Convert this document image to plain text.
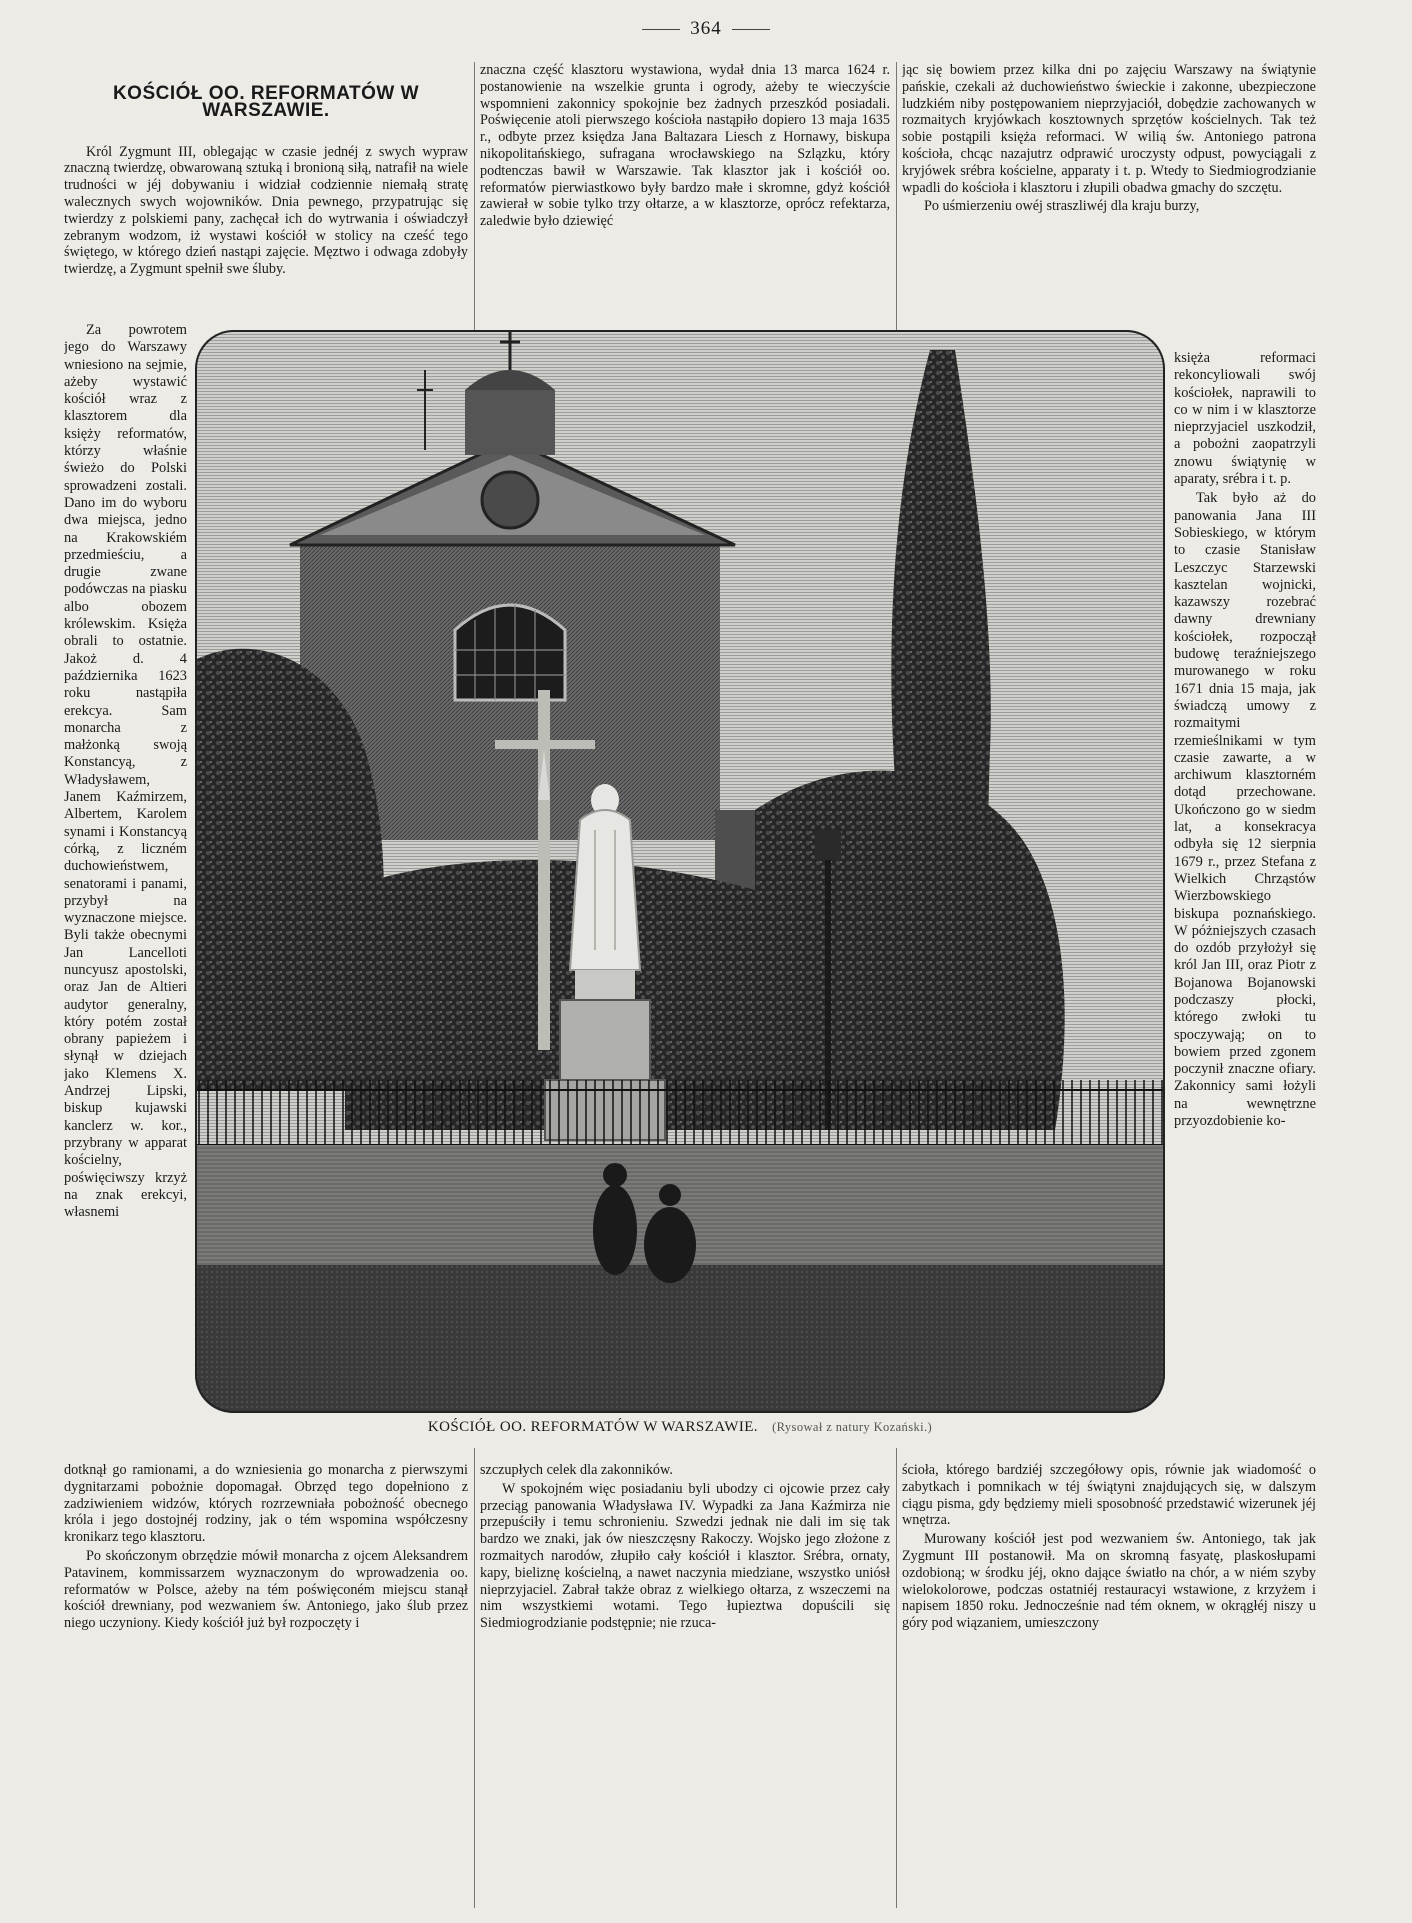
364
KOŚCIÓŁ OO. REFORMATÓW W WARSZAWIE.

Król Zygmunt III, oblegając w czasie jednéj z swych wypraw znaczną twierdzę, obwarowaną sztuką i bronioną siłą, natrafił na wiele trudności w jéj dobywaniu i widział codziennie niemałą stratę walecznych swych wojowników. Dnia pewnego, przypatrując się twierdzy z polskiemi pany, zachęcał ich do wytrwania i oświadczył zebranym wodzom, iż wystawi kościół w stolicy na cześć tego świętego, w którego dzień nastąpi zajęcie. Męztwo i odwaga zdobyły twierdzę, a Zygmunt spełnił swe śluby.

Za powrotem jego do Warszawy wniesiono na sejmie, ażeby wystawić kościół wraz z klasztorem dla księży reformatów, którzy właśnie świeżo do Polski sprowadzeni zostali. Dano im do wyboru dwa miejsca, jedno na Krakowskiém przedmieściu, a drugie zwane podówczas na piasku albo obozem królewskim. Księża obrali to ostatnie. Jakoż d. 4 października 1623 roku nastąpiła erekcya. Sam monarcha z małżonką swoją Konstancyą, z Władysławem, Janem Kaźmirzem, Albertem, Karolem synami i Konstancyą córką, z liczném duchowieństwem, senatorami i panami, przybył na wyznaczone miejsce. Byli także obecnymi Jan Lancelloti nuncyusz apostolski, oraz Jan de Altieri audytor generalny, który potém został obrany papieżem i słynął w dziejach jako Klemens X. Andrzej Lipski, biskup kujawski kanclerz w. kor., przybrany w apparat kościelny, poświęciwszy krzyż na znak erekcyi, własnemi

dotknął go ramionami, a do wzniesienia go monarcha z pierwszymi dygnitarzami pobożnie dopomagał. Obrzęd tego dopełniono z zadziwieniem widzów, których rozrzewniała pobożność obecnego króla i jego dostojnéj rodziny, jak o tém wspomina współczesny kronikarz tego klasztoru.

Po skończonym obrzędzie mówił monarcha z ojcem Aleksandrem Patavinem, kommissarzem wyznaczonym do wprowadzenia oo. reformatów w Polsce, ażeby na tém poświęconém miejscu stanął kościół drewniany, pod wezwaniem św. Antoniego, jako ślub przez niego uczyniony. Kiedy kościół już był rozpoczęty i

znaczna część klasztoru wystawiona, wydał dnia 13 marca 1624 r. postanowienie na wszelkie grunta i ogrody, ażeby te wieczyście wspomnieni zakonnicy spokojnie bez żadnych przeszkód posiadali. Poświęcenie atoli pierwszego kościoła nastąpiło dopiero 13 maja 1635 r., odbyte przez księdza Jana Baltazara Liesch z Hornawy, biskupa nikopolitańskiego, sufragana wrocławskiego na Szlązku, który podtenczas bawił w Warszawie. Tak klasztor jak i kościół oo. reformatów pierwiastkowo były bardzo małe i skromne, gdyż kościół zawierał w sobie tylko trzy ołtarze, a w klasztorze, oprócz refektarza, zaledwie było dziewięć

szczupłych celek dla zakonników.

W spokojném więc posiadaniu byli ubodzy ci ojcowie przez cały przeciąg panowania Władysława IV. Wypadki za Jana Kaźmirza nie przepuściły i temu schronieniu. Szwedzi jednak nie dali im się tak bardzo we znaki, jak ów nieszczęsny Rakoczy. Wojsko jego złożone z rozmaitych narodów, złupiło cały kościół i klasztor. Srébra, ornaty, kapy, bieliznę kościelną, a nawet naczynia miedziane, wszystko uniósł nieprzyjaciel. Zabrał także obraz z wielkiego ołtarza, z wszeczemi na nim wszystkiemi wotami. Tego łupieztwa dopuścili się Siedmiogrodzianie podstępnie; nie rzuca-

jąc się bowiem przez kilka dni po zajęciu Warszawy na świątynie pańskie, czekali aż duchowieństwo świeckie i zakonne, ubezpieczone ludzkiém niby postępowaniem nieprzyjaciół, dobędzie zachowanych w rozmaitych kryjówkach kosztownych sprzętów kościelnych. Tak też sobie postąpili księża reformaci. W wilią św. Antoniego patrona kościoła, chcąc nazajutrz odprawić uroczysty odpust, powyciągali z kryjówek srébra kościelne, apparaty i t. p. Wtedy to Siedmiogrodzianie wpadli do kościoła i klasztoru i złupili obadwa gmachy do szczętu.

Po uśmierzeniu owéj straszliwéj dla kraju burzy,

księża reformaci rekoncyliowali swój kościołek, naprawili to co w nim i w klasztorze nieprzyjaciel uszkodził, a pobożni zaopatrzyli znowu świątynię w aparaty, srébra i t. p.

Tak było aż do panowania Jana III Sobieskiego, w którym to czasie Stanisław Leszczyc Starzewski kasztelan wojnicki, kazawszy rozebrać dawny drewniany kościołek, rozpoczął budowę teraźniejszego murowanego w roku 1671 dnia 15 maja, jak świadczą umowy z rozmaitymi rzemieślnikami w tym czasie zawarte, a w archiwum klasztorném dotąd przechowane. Ukończono go w siedm lat, a konsekracya odbyła się 12 sierpnia 1679 r., przez Stefana z Wielkich Chrząstów Wierzbowskiego biskupa poznańskiego. W póżniejszych czasach do ozdób przyłożył się król Jan III, oraz Piotr z Bojanowa Bojanowski podczaszy płocki, którego zwłoki tu spoczywają; on to bowiem przed zgonem poczynił znaczne ofiary. Zakonnicy sami łożyli na wewnętrzne przyozdobienie ko-

ścioła, którego bardziéj szczegółowy opis, równie jak wiadomość o zabytkach i pomnikach w téj świątyni znajdujących się, w dalszym ciągu pisma, gdy będziemy mieli sposobność przedstawić wizerunek jéj wnętrza.

Murowany kościół jest pod wezwaniem św. Antoniego, tak jak Zygmunt III postanowił. Ma on skromną fasyatę, plaskosłupami ozdobioną; w środku jéj, okno dające światło na chór, a w niém szyby wielokolorowe, podczas ostatniéj restauracyi wstawione, z krzyżem i napisem 1850 roku. Jednocześnie nad tém oknem, w okrągłéj niszy u góry pod wiązaniem, umieszczony

KOŚCIÓŁ OO. REFORMATÓW W WARSZAWIE. (Rysował z natury Kozański.)
